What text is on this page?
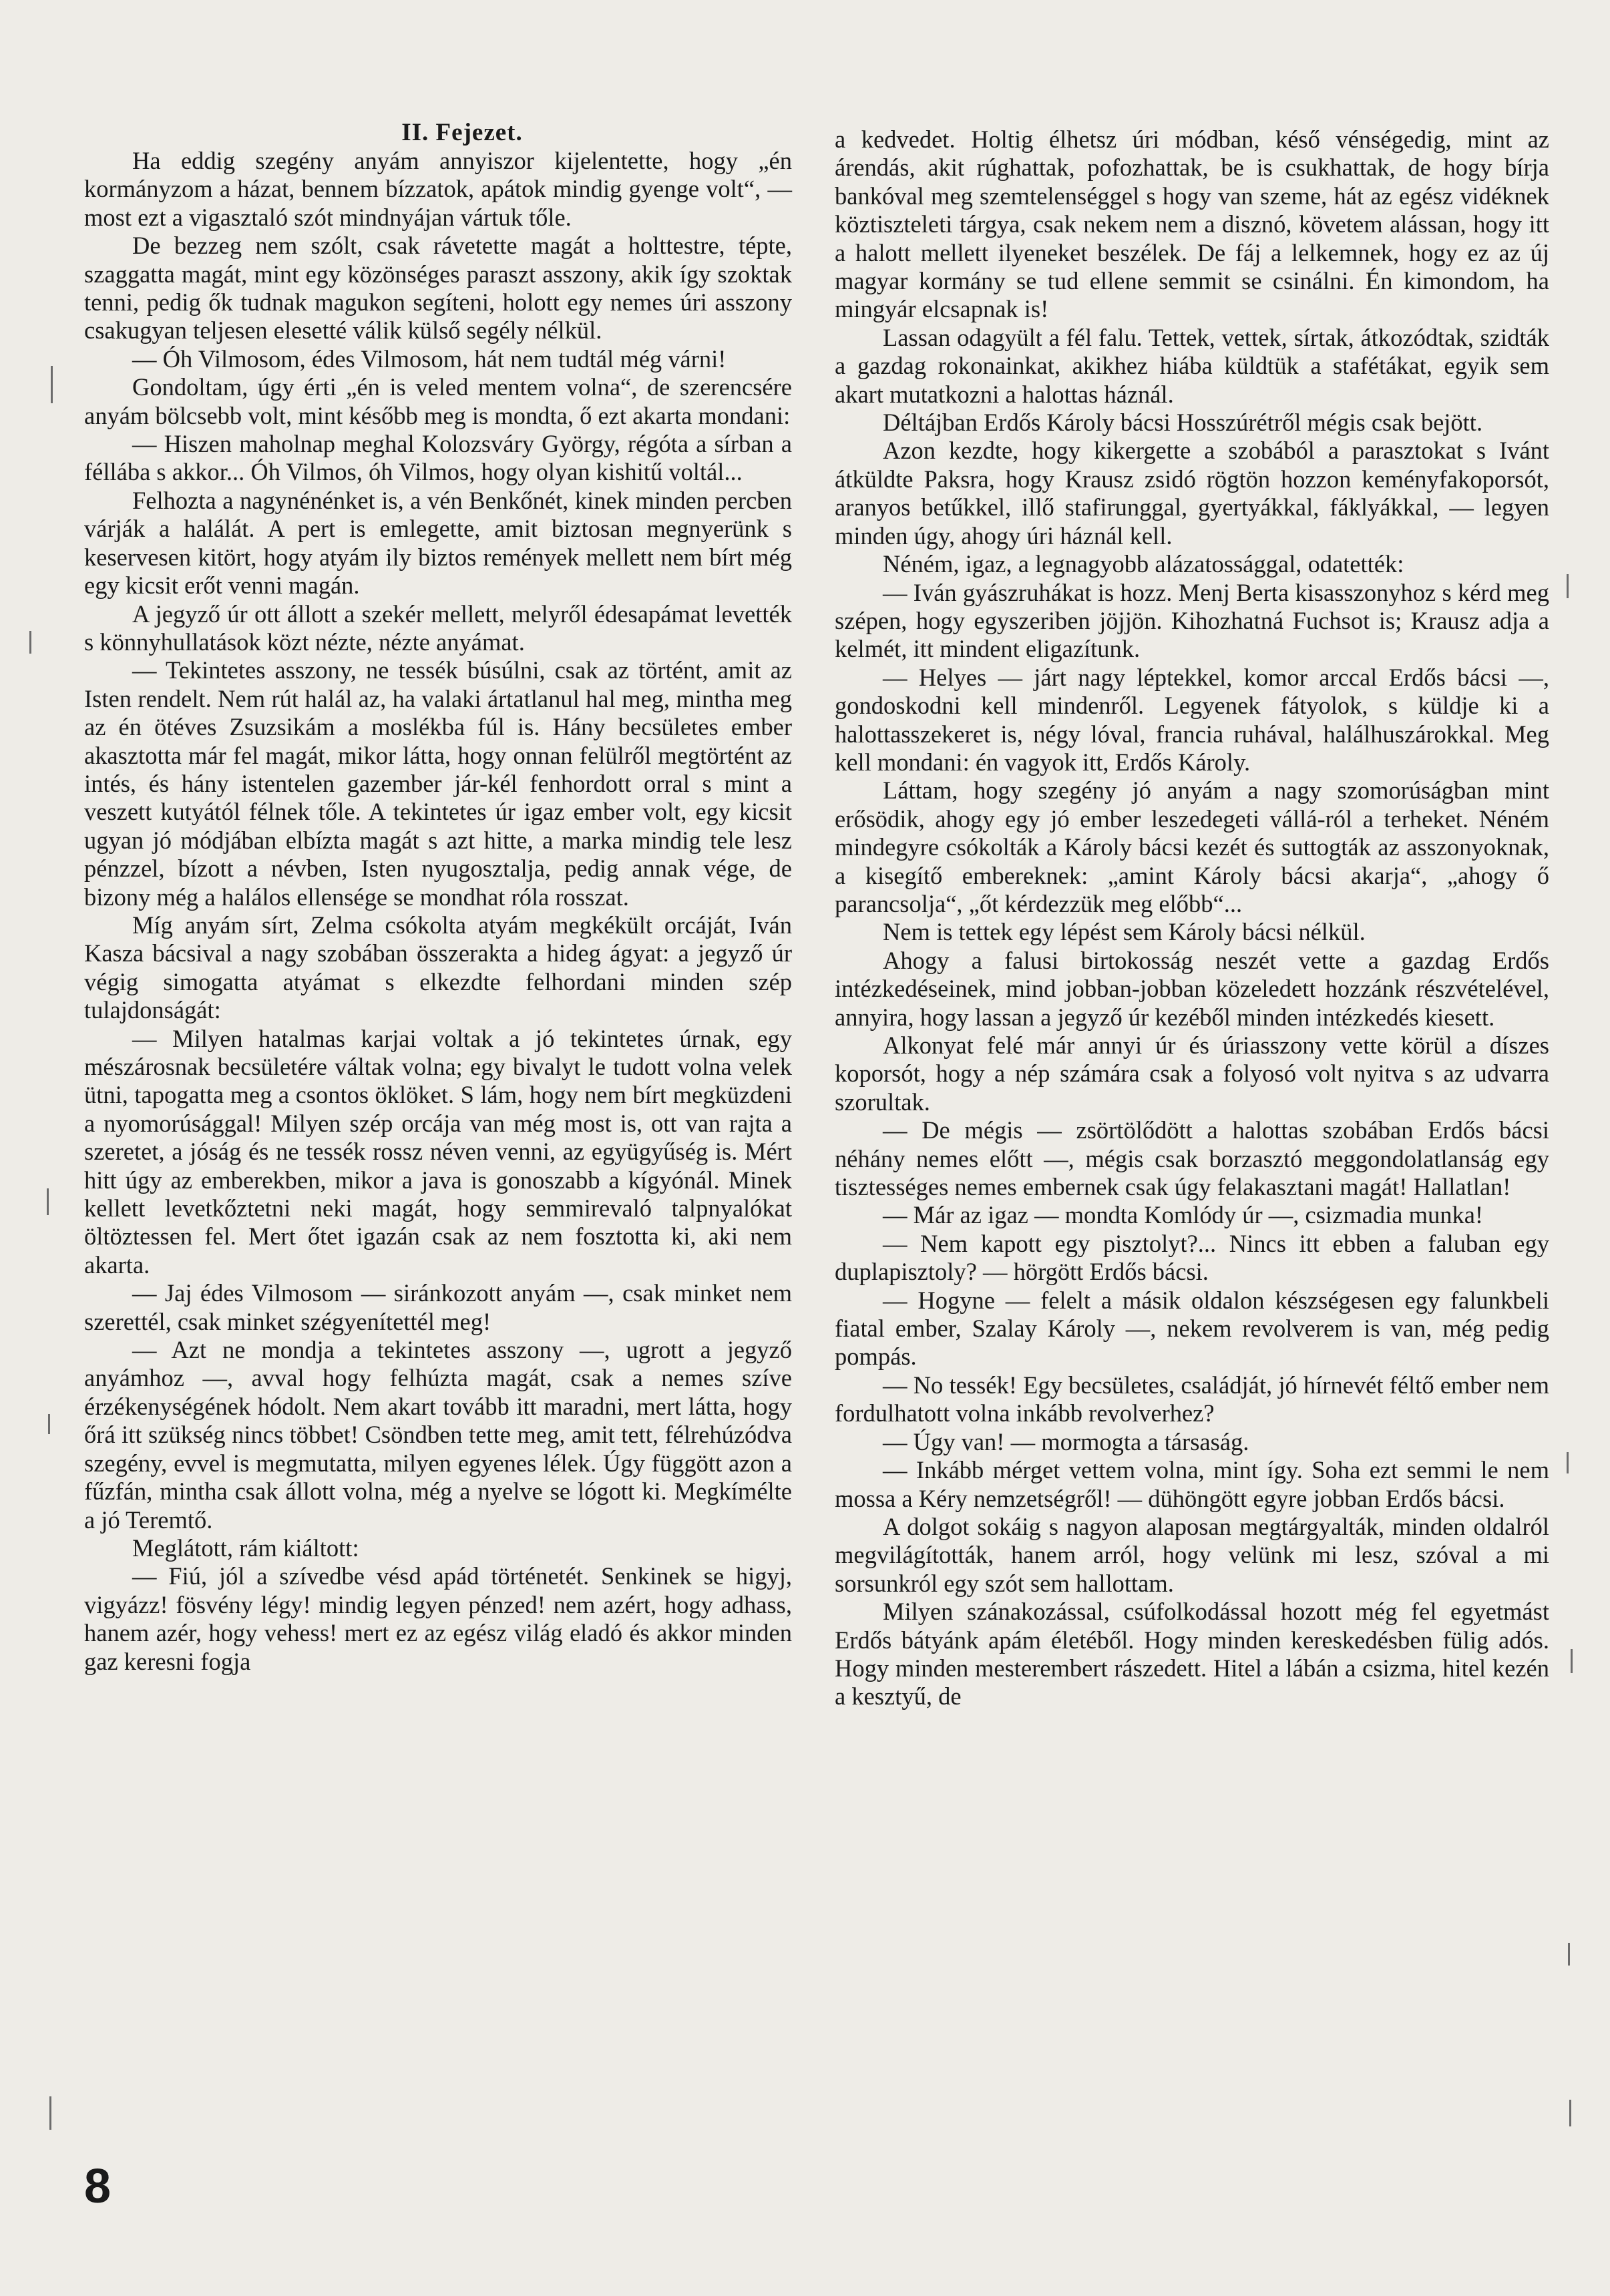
II. Fejezet.

Ha eddig szegény anyám annyiszor kijelentette, hogy „én kormányzom a házat, bennem bízzatok, apátok mindig gyenge volt“, — most ezt a vigasztaló szót mindnyájan vártuk tőle.

De bezzeg nem szólt, csak rávetette magát a holttestre, tépte, szaggatta magát, mint egy közönséges paraszt asszony, akik így szoktak tenni, pedig ők tudnak magukon segíteni, holott egy nemes úri asszony csakugyan teljesen elesetté válik külső segély nélkül.

— Óh Vilmosom, édes Vilmosom, hát nem tudtál még várni!

Gondoltam, úgy érti „én is veled mentem volna“, de szerencsére anyám bölcsebb volt, mint később meg is mondta, ő ezt akarta mondani:

— Hiszen maholnap meghal Kolozsváry György, régóta a sírban a féllába s akkor... Óh Vilmos, óh Vilmos, hogy olyan kishitű voltál...

Felhozta a nagynénénket is, a vén Benkőnét, kinek minden percben várják a halálát. A pert is emlegette, amit biztosan megnyerünk s keservesen kitört, hogy atyám ily biztos remények mellett nem bírt még egy kicsit erőt venni magán.

A jegyző úr ott állott a szekér mellett, melyről édesapámat levették s könnyhullatások közt nézte, nézte anyámat.

— Tekintetes asszony, ne tessék búsúlni, csak az történt, amit az Isten rendelt. Nem rút halál az, ha valaki ártatlanul hal meg, mintha meg az én ötéves Zsuzsikám a moslékba fúl is. Hány becsületes ember akasztotta már fel magát, mikor látta, hogy onnan felülről megtörtént az intés, és hány istentelen gazember jár-kél fenhordott orral s mint a veszett kutyától félnek tőle. A tekintetes úr igaz ember volt, egy kicsit ugyan jó módjában elbízta magát s azt hitte, a marka mindig tele lesz pénzzel, bízott a névben, Isten nyugosztalja, pedig annak vége, de bizony még a halálos ellensége se mondhat róla rosszat.

Míg anyám sírt, Zelma csókolta atyám megkékült orcáját, Iván Kasza bácsival a nagy szobában összerakta a hideg ágyat: a jegyző úr végig simogatta atyámat s elkezdte felhordani minden szép tulajdonságát:

— Milyen hatalmas karjai voltak a jó tekintetes úrnak, egy mészárosnak becsületére váltak volna; egy bivalyt le tudott volna velek ütni, tapogatta meg a csontos öklöket. S lám, hogy nem bírt megküzdeni a nyomorúsággal! Milyen szép orcája van még most is, ott van rajta a szeretet, a jóság és ne tessék rossz néven venni, az együgyűség is. Mért hitt úgy az emberekben, mikor a java is gonoszabb a kígyónál. Minek kellett levetkőztetni neki magát, hogy semmirevaló talpnyalókat öltöztessen fel. Mert őtet igazán csak az nem fosztotta ki, aki nem akarta.

— Jaj édes Vilmosom — siránkozott anyám —, csak minket nem szerettél, csak minket szégyenítettél meg!

— Azt ne mondja a tekintetes asszony —, ugrott a jegyző anyámhoz —, avval hogy felhúzta magát, csak a nemes szíve érzékenységének hódolt. Nem akart tovább itt maradni, mert látta, hogy őrá itt szükség nincs többet! Csöndben tette meg, amit tett, félrehúzódva szegény, evvel is megmutatta, milyen egyenes lélek. Úgy függött azon a fűzfán, mintha csak állott volna, még a nyelve se lógott ki. Megkímélte a jó Teremtő.

Meglátott, rám kiáltott:

— Fiú, jól a szívedbe vésd apád történetét. Senkinek se higyj, vigyázz! fösvény légy! mindig legyen pénzed! nem azért, hogy adhass, hanem azér, hogy vehess! mert ez az egész világ eladó és akkor minden gaz keresni fogja

a kedvedet. Holtig élhetsz úri módban, késő vénségedig, mint az árendás, akit rúghattak, pofozhattak, be is csukhattak, de hogy bírja bankóval meg szemtelenséggel s hogy van szeme, hát az egész vidéknek köztiszteleti tárgya, csak nekem nem a disznó, követem alássan, hogy itt a halott mellett ilyeneket beszélek. De fáj a lelkemnek, hogy ez az új magyar kormány se tud ellene semmit se csinálni. Én kimondom, ha mingyár elcsapnak is!

Lassan odagyült a fél falu. Tettek, vettek, sírtak, átkozódtak, szidták a gazdag rokonainkat, akikhez hiába küldtük a stafétákat, egyik sem akart mutatkozni a halottas háznál.

Déltájban Erdős Károly bácsi Hosszúrétről mégis csak bejött.

Azon kezdte, hogy kikergette a szobából a parasztokat s Ivánt átküldte Paksra, hogy Krausz zsidó rögtön hozzon keményfakoporsót, aranyos betűkkel, illő stafirunggal, gyertyákkal, fáklyákkal, — legyen minden úgy, ahogy úri háznál kell.

Néném, igaz, a legnagyobb alázatossággal, odatették:

— Iván gyászruhákat is hozz. Menj Berta kisasszonyhoz s kérd meg szépen, hogy egyszeriben jöjjön. Kihozhatná Fuchsot is; Krausz adja a kelmét, itt mindent eligazítunk.

— Helyes — járt nagy léptekkel, komor arccal Erdős bácsi —, gondoskodni kell mindenről. Legyenek fátyolok, s küldje ki a halottasszekeret is, négy lóval, francia ruhával, halálhuszárokkal. Meg kell mondani: én vagyok itt, Erdős Károly.

Láttam, hogy szegény jó anyám a nagy szomorúságban mint erősödik, ahogy egy jó ember leszedegeti vállá-ról a terheket. Néném mindegyre csókolták a Károly bácsi kezét és suttogták az asszonyoknak, a kisegítő embereknek: „amint Károly bácsi akarja“, „ahogy ő parancsolja“, „őt kérdezzük meg előbb“...

Nem is tettek egy lépést sem Károly bácsi nélkül.

Ahogy a falusi birtokosság neszét vette a gazdag Erdős intézkedéseinek, mind jobban-jobban közeledett hozzánk részvételével, annyira, hogy lassan a jegyző úr kezéből minden intézkedés kiesett.

Alkonyat felé már annyi úr és úriasszony vette körül a díszes koporsót, hogy a nép számára csak a folyosó volt nyitva s az udvarra szorultak.

— De mégis — zsörtölődött a halottas szobában Erdős bácsi néhány nemes előtt —, mégis csak borzasztó meggondolatlanság egy tisztességes nemes embernek csak úgy felakasztani magát! Hallatlan!

— Már az igaz — mondta Komlódy úr —, csizmadia munka!

— Nem kapott egy pisztolyt?... Nincs itt ebben a faluban egy duplapisztoly? — hörgött Erdős bácsi.

— Hogyne — felelt a másik oldalon készségesen egy falunkbeli fiatal ember, Szalay Károly —, nekem revolverem is van, még pedig pompás.

— No tessék! Egy becsületes, családját, jó hírnevét féltő ember nem fordulhatott volna inkább revolverhez?

— Úgy van! — mormogta a társaság.

— Inkább mérget vettem volna, mint így. Soha ezt semmi le nem mossa a Kéry nemzetségről! — dühöngött egyre jobban Erdős bácsi.

A dolgot sokáig s nagyon alaposan megtárgyalták, minden oldalról megvilágították, hanem arról, hogy velünk mi lesz, szóval a mi sorsunkról egy szót sem hallottam.

Milyen szánakozással, csúfolkodással hozott még fel egyetmást Erdős bátyánk apám életéből. Hogy minden kereskedésben fülig adós. Hogy minden mesterembert rászedett. Hitel a lábán a csizma, hitel kezén a kesztyű, de

8
